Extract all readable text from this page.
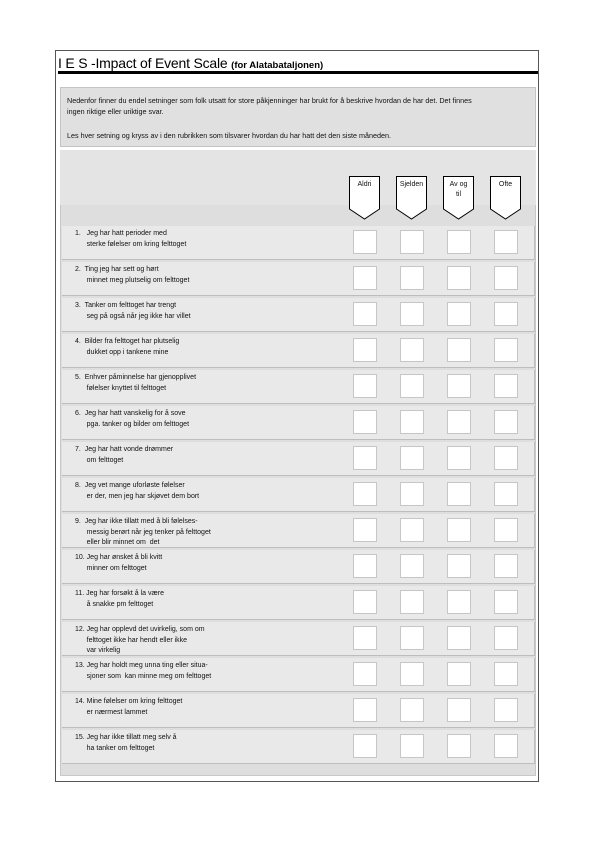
I E S -Impact of Event Scale (for Alatabataljonen)
Nedenfor finner du endel setninger som folk utsatt for store påkjenninger har brukt for å beskrive hvordan de har det. Det finnes
ingen riktige eller uriktige svar.
Les hver setning og kryss av i den rubrikken som tilsvarer hvordan du har hatt det den siste måneden.
Aldri	Sjelden	Av og
til
Ofte

1.   Jeg har hatt perioder med
sterke følelser om kring felttoget
2.  Ting jeg har sett og hørt
minnet meg plutselig om felttoget
3.  Tanker om felttoget har trengt
seg på også når jeg ikke har villet
4.  Bilder fra felttoget har plutselig
dukket opp i tankene mine
5.  Enhver påminnelse har gjenopplivet
følelser knyttet til felttoget
6.  Jeg har hatt vanskelig for å sove
pga. tanker og bilder om felttoget
7.  Jeg har hatt vonde drømmer
om felttoget
8.  Jeg vet mange uforløste følelser
er der, men jeg har skjøvet dem bort
9.  Jeg har ikke tillatt med å bli følelses-
messig berørt når jeg tenker på felttoget
eller blir minnet om  det
10. Jeg har ønsket å bli kvitt
minner om felttoget
11. Jeg har forsøkt å la være
å snakke pm felttoget
12. Jeg har opplevd det uvirkelig, som om
felttoget ikke har hendt eller ikke
var virkelig
13. Jeg har holdt meg unna ting eller situa-
sjoner som  kan minne meg om felttoget
14. Mine følelser om kring felttoget
er nærmest lammet
15. Jeg har ikke tillatt meg selv å
ha tanker om felttoget
